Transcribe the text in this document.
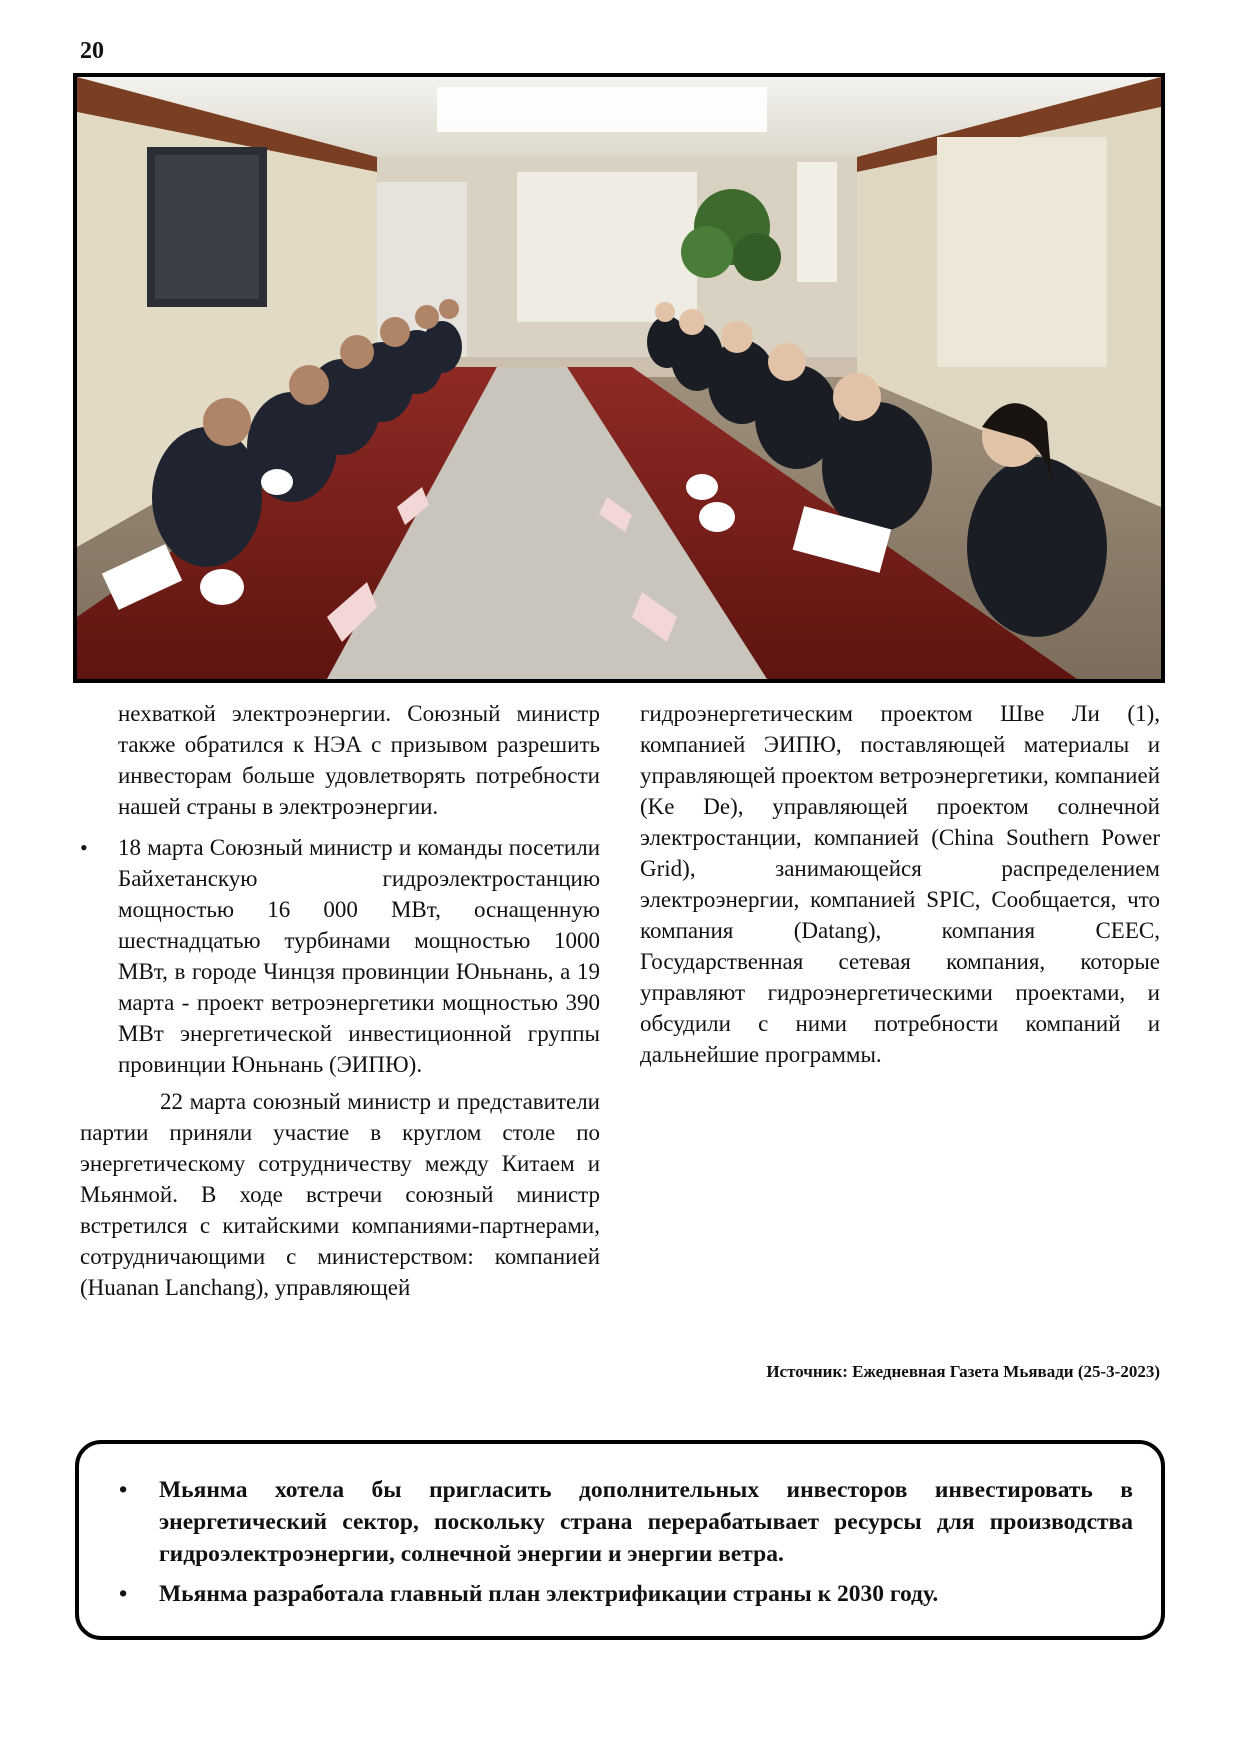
20

нехваткой электроэнергии. Союзный министр также обратился к НЭА с призывом разрешить инвесторам больше удовлетворять потребности нашей страны в электроэнергии.

• 18 марта Союзный министр и команды посетили Байхетанскую гидроэлектростанцию мощностью 16 000 МВт, оснащенную шестнадцатью турбинами мощностью 1000 МВт, в городе Чинцзя провинции Юньнань, а 19 марта - проект ветроэнергетики мощностью 390 МВт энергетической инвестиционной группы провинции Юньнань (ЭИПЮ).

22 марта союзный министр и представители партии приняли участие в круглом столе по энергетическому сотрудничеству между Китаем и Мьянмой. В ходе встречи союзный министр встретился с китайскими компаниями-партнерами, сотрудничающими с министерством: компанией (Huanan Lanchang), управляющей

гидроэнергетическим проектом Шве Ли (1), компанией ЭИПЮ, поставляющей материалы и управляющей проектом ветроэнергетики, компанией (Ke De), управляющей проектом солнечной электростанции, компанией (China Southern Power Grid), занимающейся распределением электроэнергии, компанией SPIC, Сообщается, что компания (Datang), компания CEEC, Государственная сетевая компания, которые управляют гидроэнергетическими проектами, и обсудили с ними потребности компаний и дальнейшие программы.

Источник: Ежедневная Газета Мьявади (25-3-2023)
• Мьянма хотела бы пригласить дополнительных инвесторов инвестировать в энергетический сектор, поскольку страна перерабатывает ресурсы для производства гидроэлектроэнергии, солнечной энергии и энергии ветра.
• Мьянма разработала главный план электрификации страны к 2030 году.
